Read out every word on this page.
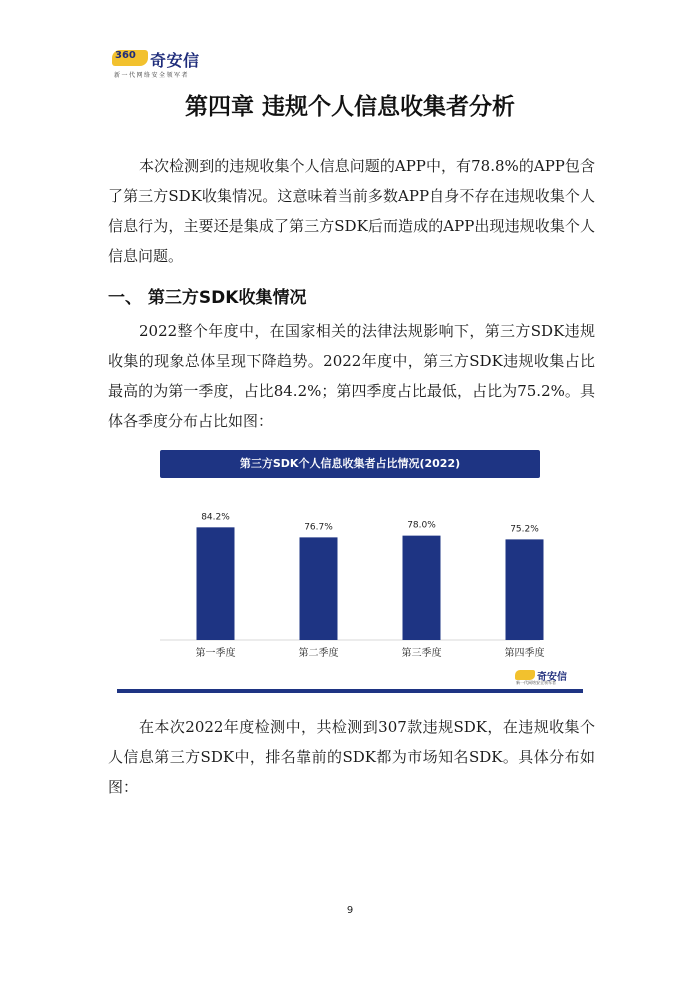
360 奇安信
新一代网络安全领军者
第四章 违规个人信息收集者分析

本次检测到的违规收集个人信息问题的APP中，有78.8%的APP包含了第三方SDK收集情况。这意味着当前多数APP自身不存在违规收集个人信息行为，主要还是集成了第三方SDK后而造成的APP出现违规收集个人信息问题。

一、 第三方SDK收集情况

2022整个年度中，在国家相关的法律法规影响下，第三方SDK违规收集的现象总体呈现下降趋势。2022年度中，第三方SDK违规收集占比最高的为第一季度，占比84.2%；第四季度占比最低，占比为75.2%。具体各季度分布占比如图：

84.2%
第一季度
76.7%
第二季度
78.0%
第三季度
75.2%
第四季度
第三方SDK个人信息收集者占比情况(2022)
奇安信
新一代网络安全领军者

在本次2022年度检测中，共检测到307款违规SDK，在违规收集个人信息第三方SDK中，排名靠前的SDK都为市场知名SDK。具体分布如图：

9
